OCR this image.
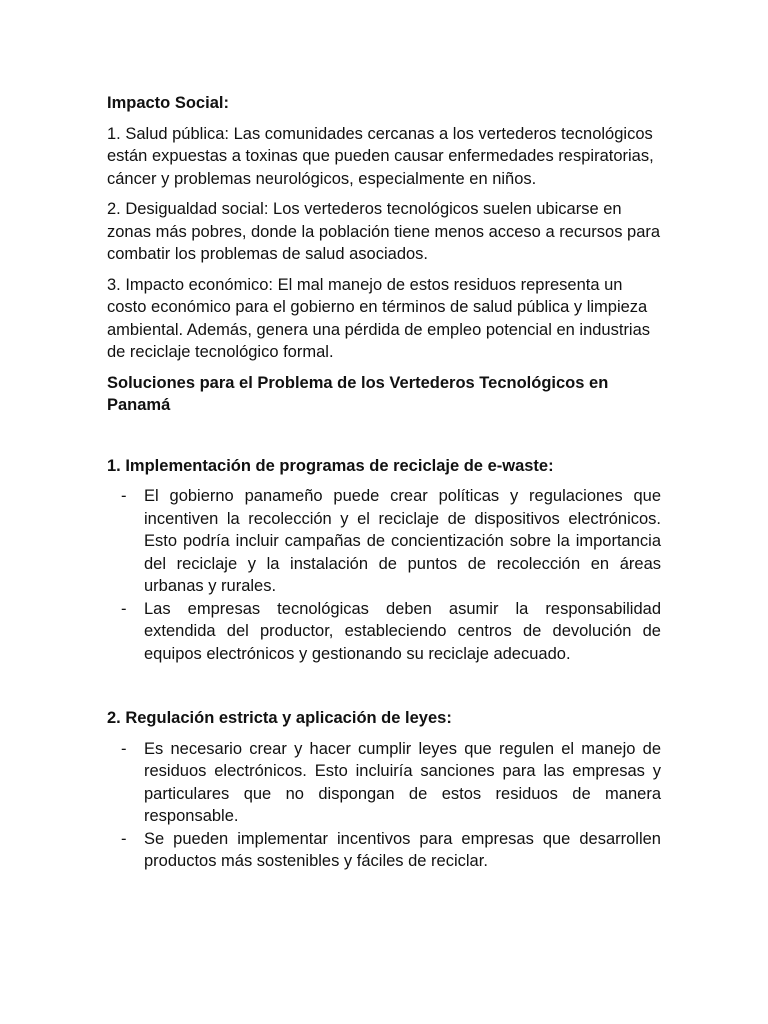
Impacto Social:

1. Salud pública: Las comunidades cercanas a los vertederos tecnológicos están expuestas a toxinas que pueden causar enfermedades respiratorias, cáncer y problemas neurológicos, especialmente en niños.

2. Desigualdad social: Los vertederos tecnológicos suelen ubicarse en zonas más pobres, donde la población tiene menos acceso a recursos para combatir los problemas de salud asociados.

3. Impacto económico: El mal manejo de estos residuos representa un costo económico para el gobierno en términos de salud pública y limpieza ambiental. Además, genera una pérdida de empleo potencial en industrias de reciclaje tecnológico formal.

Soluciones para el Problema de los Vertederos Tecnológicos en Panamá

1. Implementación de programas de reciclaje de e-waste:

- El gobierno panameño puede crear políticas y regulaciones que incentiven la recolección y el reciclaje de dispositivos electrónicos. Esto podría incluir campañas de concientización sobre la importancia del reciclaje y la instalación de puntos de recolección en áreas urbanas y rurales.
- Las empresas tecnológicas deben asumir la responsabilidad extendida del productor, estableciendo centros de devolución de equipos electrónicos y gestionando su reciclaje adecuado.

2. Regulación estricta y aplicación de leyes:

- Es necesario crear y hacer cumplir leyes que regulen el manejo de residuos electrónicos. Esto incluiría sanciones para las empresas y particulares que no dispongan de estos residuos de manera responsable.
- Se pueden implementar incentivos para empresas que desarrollen productos más sostenibles y fáciles de reciclar.
